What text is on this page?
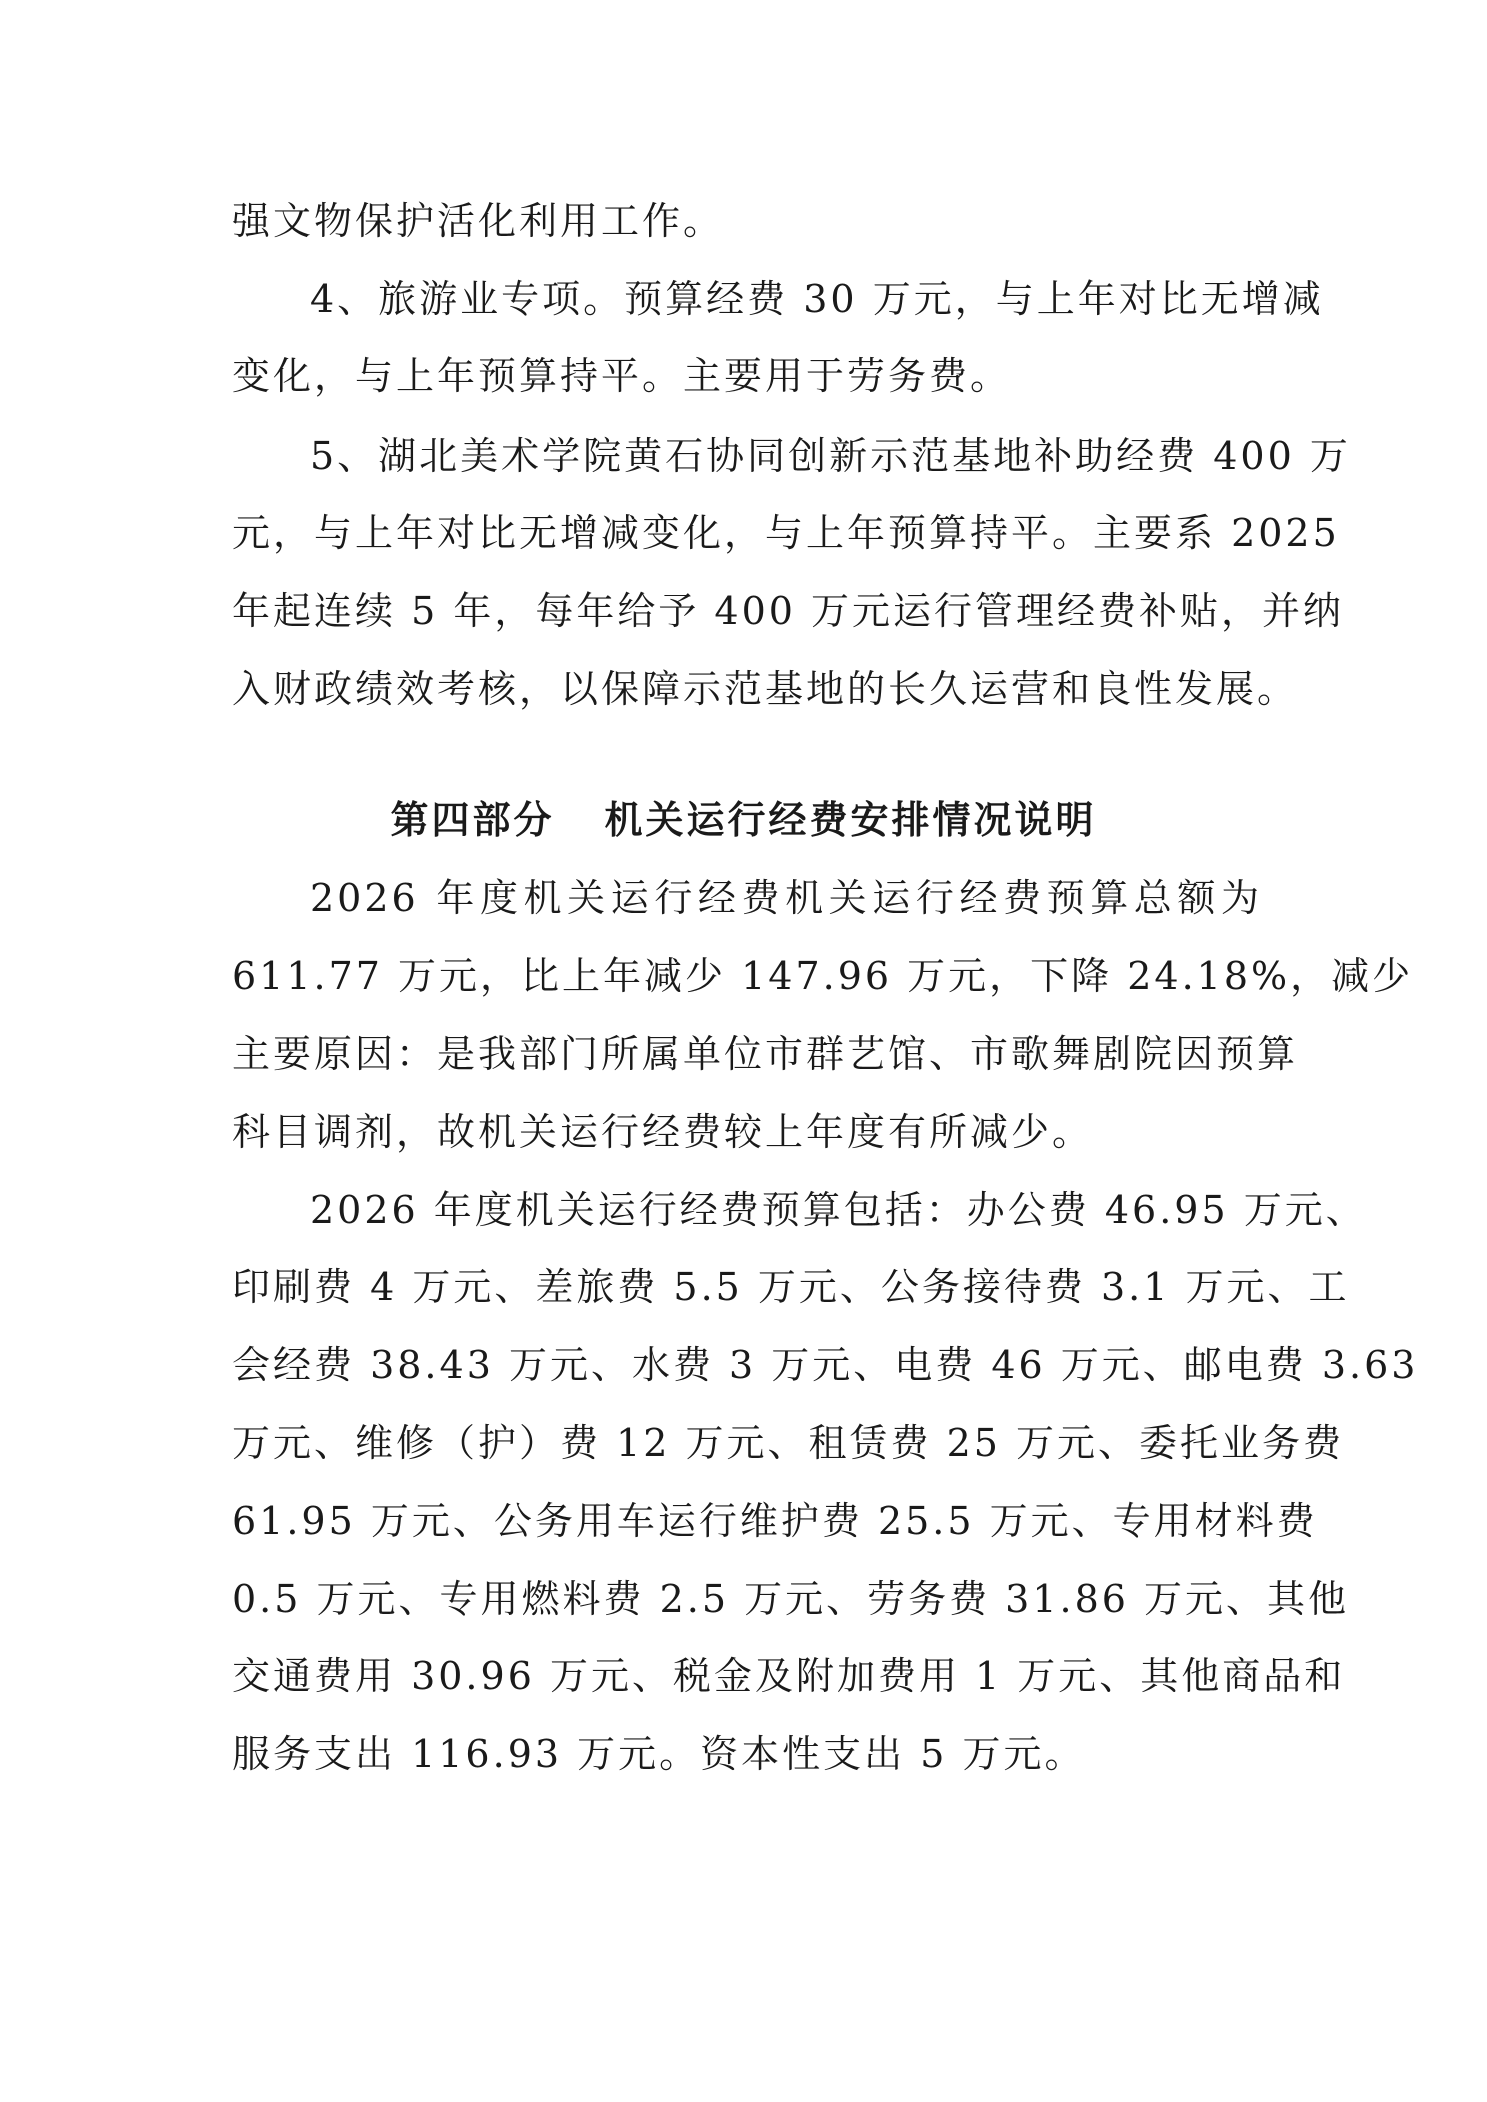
强文物保护活化利用工作。
4、旅游业专项。预算经费 30 万元，与上年对比无增减
变化，与上年预算持平。主要用于劳务费。
5、湖北美术学院黄石协同创新示范基地补助经费 400 万
元，与上年对比无增减变化，与上年预算持平。主要系 2025
年起连续 5 年，每年给予 400 万元运行管理经费补贴，并纳
入财政绩效考核，以保障示范基地的长久运营和良性发展。
第四部分 机关运行经费安排情况说明
2026 年度机关运行经费机关运行经费预算总额为
611.77 万元，比上年减少 147.96 万元，下降 24.18%，减少
主要原因：是我部门所属单位市群艺馆、市歌舞剧院因预算
科目调剂，故机关运行经费较上年度有所减少。
2026 年度机关运行经费预算包括：办公费 46.95 万元、
印刷费 4 万元、差旅费 5.5 万元、公务接待费 3.1 万元、工
会经费 38.43 万元、水费 3 万元、电费 46 万元、邮电费 3.63
万元、维修（护）费 12 万元、租赁费 25 万元、委托业务费
61.95 万元、公务用车运行维护费 25.5 万元、专用材料费
0.5 万元、专用燃料费 2.5 万元、劳务费 31.86 万元、其他
交通费用 30.96 万元、税金及附加费用 1 万元、其他商品和
服务支出 116.93 万元。资本性支出 5 万元。
